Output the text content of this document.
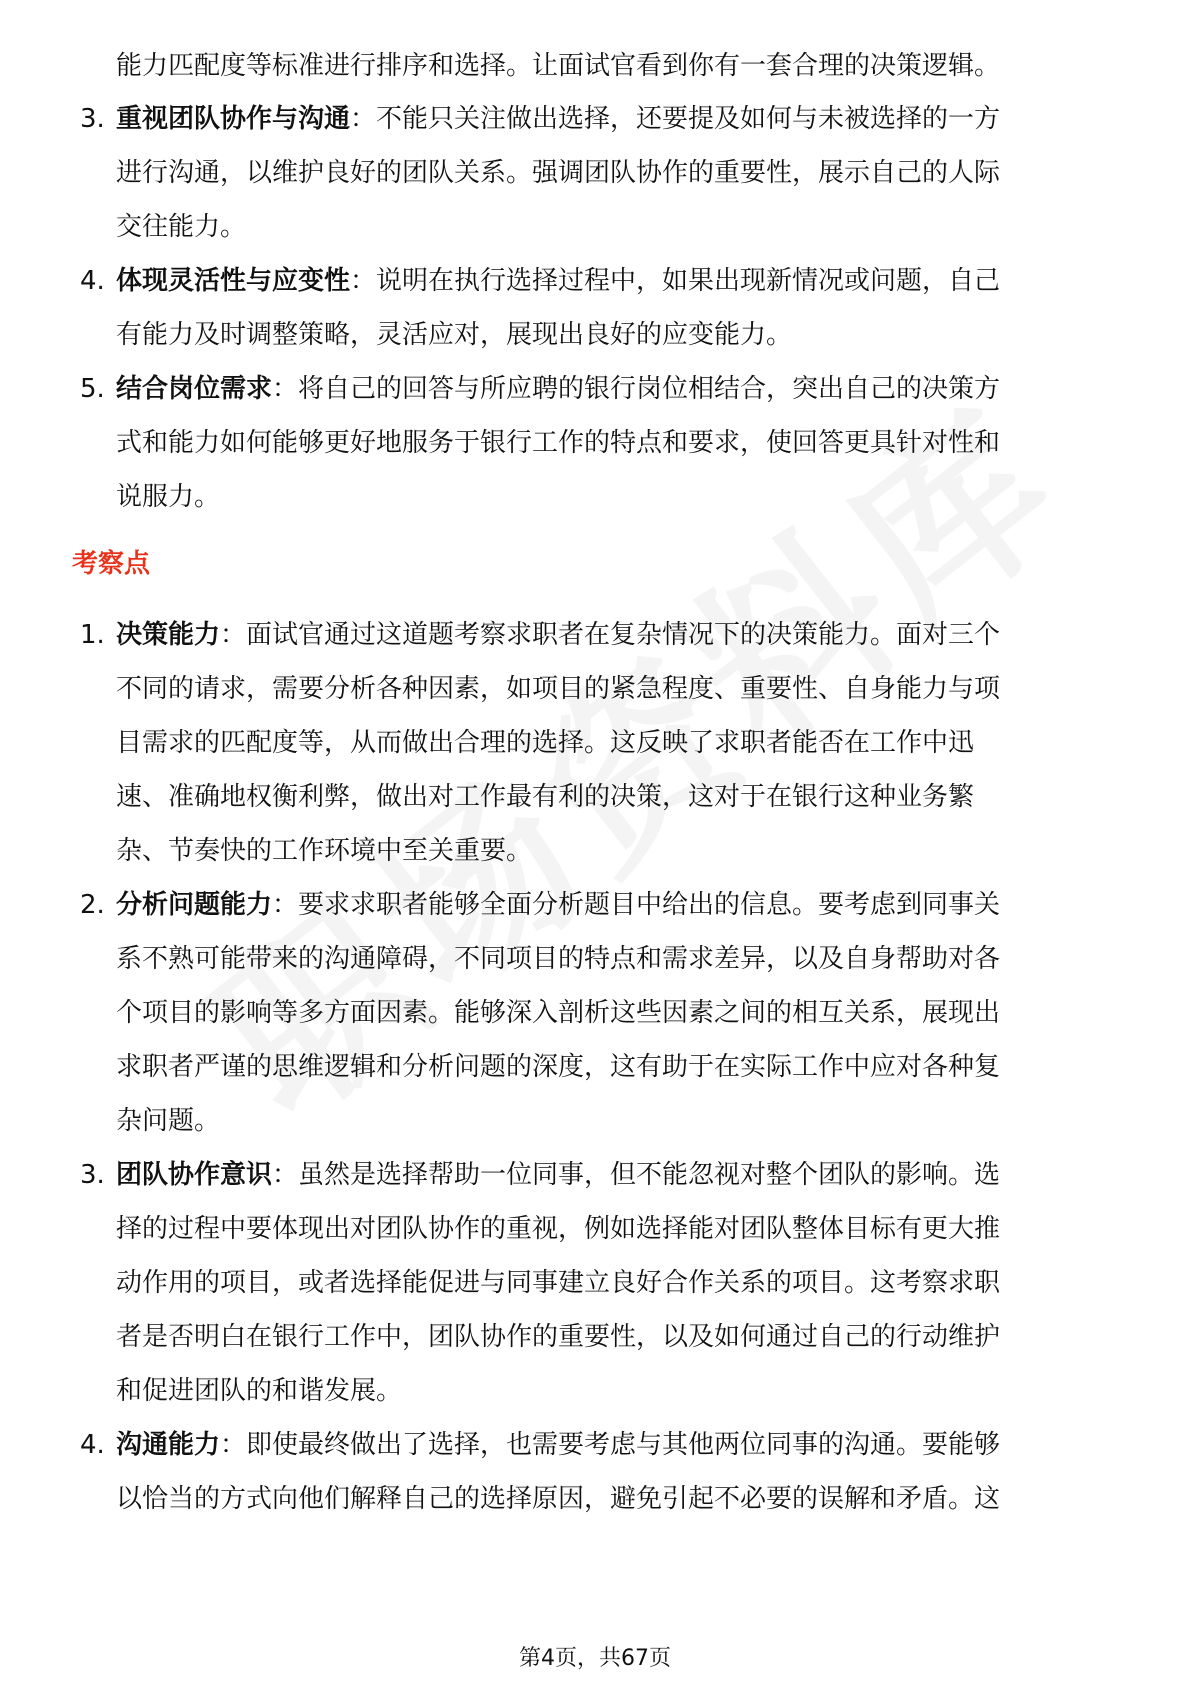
能力匹配度等标准进行排序和选择。让面试官看到你有一套合理的决策逻辑。
3. 重视团队协作与沟通：不能只关注做出选择，还要提及如何与未被选择的一方
进行沟通，以维护良好的团队关系。强调团队协作的重要性，展示自己的人际
交往能力。
4. 体现灵活性与应变性：说明在执行选择过程中，如果出现新情况或问题，自己
有能力及时调整策略，灵活应对，展现出良好的应变能力。
5. 结合岗位需求：将自己的回答与所应聘的银行岗位相结合，突出自己的决策方
式和能力如何能够更好地服务于银行工作的特点和要求，使回答更具针对性和
说服力。
考察点
1. 决策能力：面试官通过这道题考察求职者在复杂情况下的决策能力。面对三个
不同的请求，需要分析各种因素，如项目的紧急程度、重要性、自身能力与项
目需求的匹配度等，从而做出合理的选择。这反映了求职者能否在工作中迅
速、准确地权衡利弊，做出对工作最有利的决策，这对于在银行这种业务繁
杂、节奏快的工作环境中至关重要。
2. 分析问题能力：要求求职者能够全面分析题目中给出的信息。要考虑到同事关
系不熟可能带来的沟通障碍，不同项目的特点和需求差异，以及自身帮助对各
个项目的影响等多方面因素。能够深入剖析这些因素之间的相互关系，展现出
求职者严谨的思维逻辑和分析问题的深度，这有助于在实际工作中应对各种复
杂问题。
3. 团队协作意识：虽然是选择帮助一位同事，但不能忽视对整个团队的影响。选
择的过程中要体现出对团队协作的重视，例如选择能对团队整体目标有更大推
动作用的项目，或者选择能促进与同事建立良好合作关系的项目。这考察求职
者是否明白在银行工作中，团队协作的重要性，以及如何通过自己的行动维护
和促进团队的和谐发展。
4. 沟通能力：即使最终做出了选择，也需要考虑与其他两位同事的沟通。要能够
以恰当的方式向他们解释自己的选择原因，避免引起不必要的误解和矛盾。这
第4页，共67页
